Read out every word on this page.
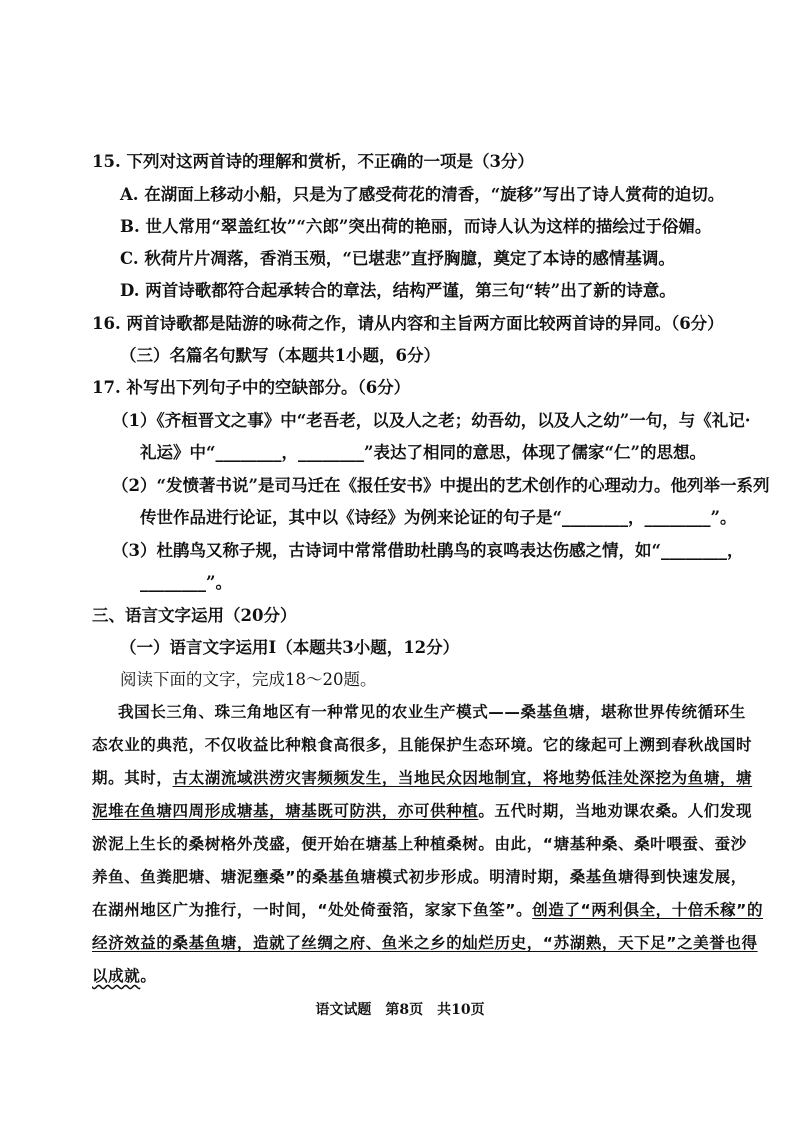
15. 下列对这两首诗的理解和赏析，不正确的一项是（3分）
A. 在湖面上移动小船，只是为了感受荷花的清香，“旋移”写出了诗人赏荷的迫切。
B. 世人常用“翠盖红妆”“六郎”突出荷的艳丽，而诗人认为这样的描绘过于俗媚。
C. 秋荷片片凋落，香消玉殒，“已堪悲”直抒胸臆，奠定了本诗的感情基调。
D. 两首诗歌都符合起承转合的章法，结构严谨，第三句“转”出了新的诗意。
16. 两首诗歌都是陆游的咏荷之作，请从内容和主旨两方面比较两首诗的异同。（6分）
（三）名篇名句默写（本题共1小题，6分）
17. 补写出下列句子中的空缺部分。（6分）
（1）《齐桓晋文之事》中“老吾老，以及人之老；幼吾幼，以及人之幼”一句，与《礼记·
礼运》中“________，________”表达了相同的意思，体现了儒家“仁”的思想。
（2）“发愤著书说”是司马迁在《报任安书》中提出的艺术创作的心理动力。他列举一系列
传世作品进行论证，其中以《诗经》为例来论证的句子是“________，________”。
（3）杜鹃鸟又称子规，古诗词中常常借助杜鹃鸟的哀鸣表达伤感之情，如“________，
________”。
三、语言文字运用（20分）
（一）语言文字运用Ⅰ（本题共3小题，12分）
阅读下面的文字，完成18～20题。
我国长三角、珠三角地区有一种常见的农业生产模式——桑基鱼塘，堪称世界传统循环生
态农业的典范，不仅收益比种粮食高很多，且能保护生态环境。它的缘起可上溯到春秋战国时
期。其时，古太湖流域洪涝灾害频频发生，当地民众因地制宜，将地势低洼处深挖为鱼塘，塘
泥堆在鱼塘四周形成塘基，塘基既可防洪，亦可供种植。五代时期，当地劝课农桑。人们发现
淤泥上生长的桑树格外茂盛，便开始在塘基上种植桑树。由此，“塘基种桑、桑叶喂蚕、蚕沙
养鱼、鱼粪肥塘、塘泥壅桑”的桑基鱼塘模式初步形成。明清时期，桑基鱼塘得到快速发展，
在湖州地区广为推行，一时间，“处处倚蚕箔，家家下鱼筌”。创造了“两利俱全，十倍禾稼”的
经济效益的桑基鱼塘，造就了丝绸之府、鱼米之乡的灿烂历史，“苏湖熟，天下足”之美誉也得
以成就。
语文试题　第8页　共10页
